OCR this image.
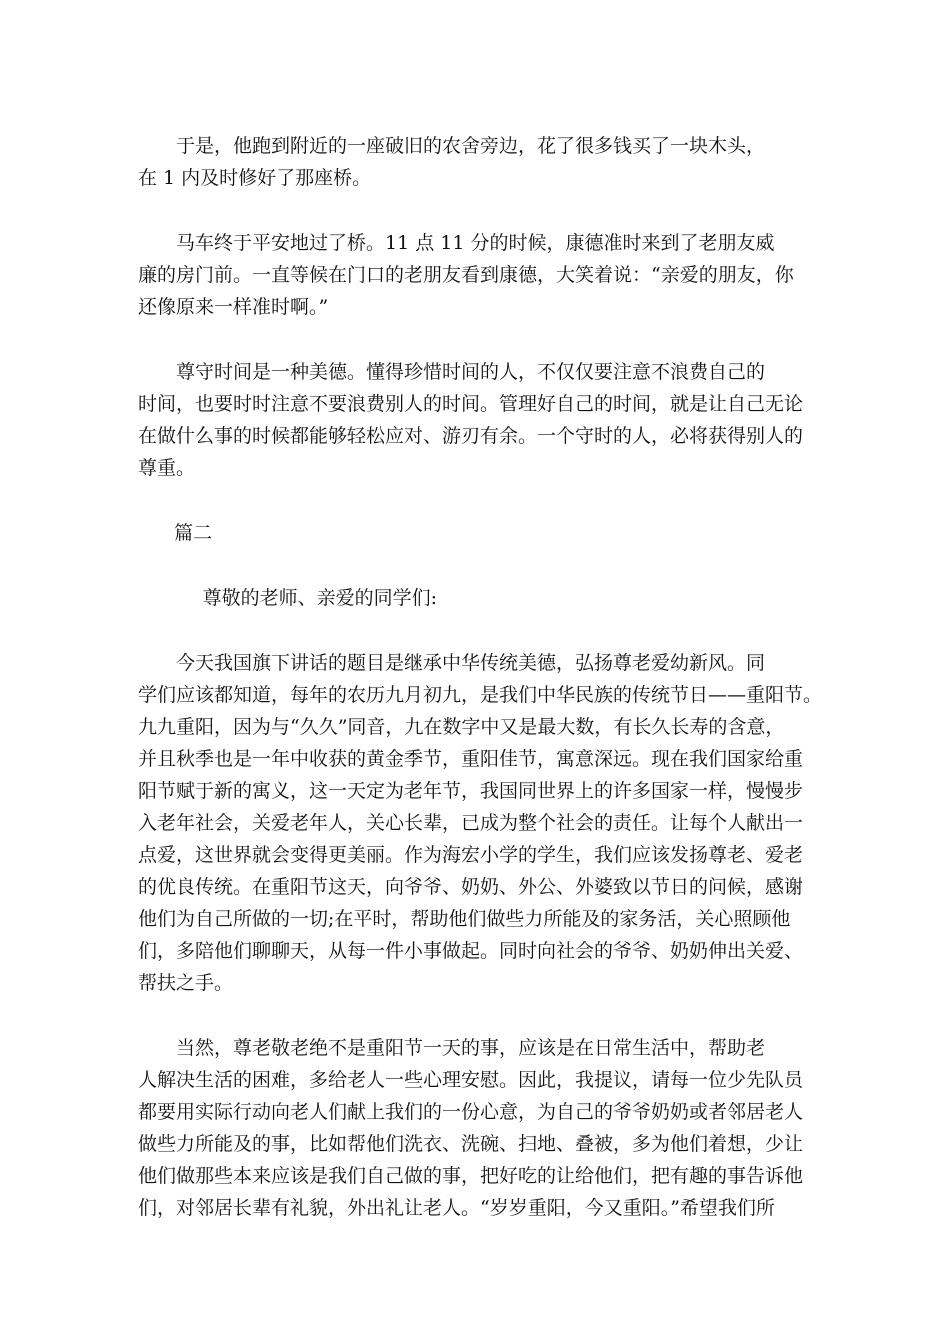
于是，他跑到附近的一座破旧的农舍旁边，花了很多钱买了一块木头，
在 1 内及时修好了那座桥。

马车终于平安地过了桥。11 点 11 分的时候，康德准时来到了老朋友威
廉的房门前。一直等候在门口的老朋友看到康德，大笑着说：“亲爱的朋友，你
还像原来一样准时啊。”

尊守时间是一种美德。懂得珍惜时间的人，不仅仅要注意不浪费自己的
时间，也要时时注意不要浪费别人的时间。管理好自己的时间，就是让自己无论
在做什么事的时候都能够轻松应对、游刃有余。一个守时的人，必将获得别人的
尊重。

篇二

尊敬的老师、亲爱的同学们:

今天我国旗下讲话的题目是继承中华传统美德，弘扬尊老爱幼新风。同
学们应该都知道，每年的农历九月初九，是我们中华民族的传统节日——重阳节。
九九重阳，因为与“久久”同音，九在数字中又是最大数，有长久长寿的含意，
并且秋季也是一年中收获的黄金季节，重阳佳节，寓意深远。现在我们国家给重
阳节赋于新的寓义，这一天定为老年节，我国同世界上的许多国家一样，慢慢步
入老年社会，关爱老年人，关心长辈，已成为整个社会的责任。让每个人献出一
点爱，这世界就会变得更美丽。作为海宏小学的学生，我们应该发扬尊老、爱老
的优良传统。在重阳节这天，向爷爷、奶奶、外公、外婆致以节日的问候，感谢
他们为自己所做的一切;在平时，帮助他们做些力所能及的家务活，关心照顾他
们，多陪他们聊聊天，从每一件小事做起。同时向社会的爷爷、奶奶伸出关爱、
帮扶之手。

当然，尊老敬老绝不是重阳节一天的事，应该是在日常生活中，帮助老
人解决生活的困难，多给老人一些心理安慰。因此，我提议，请每一位少先队员
都要用实际行动向老人们献上我们的一份心意，为自己的爷爷奶奶或者邻居老人
做些力所能及的事，比如帮他们洗衣、洗碗、扫地、叠被，多为他们着想，少让
他们做那些本来应该是我们自己做的事，把好吃的让给他们，把有趣的事告诉他
们，对邻居长辈有礼貌，外出礼让老人。“岁岁重阳，今又重阳。”希望我们所
